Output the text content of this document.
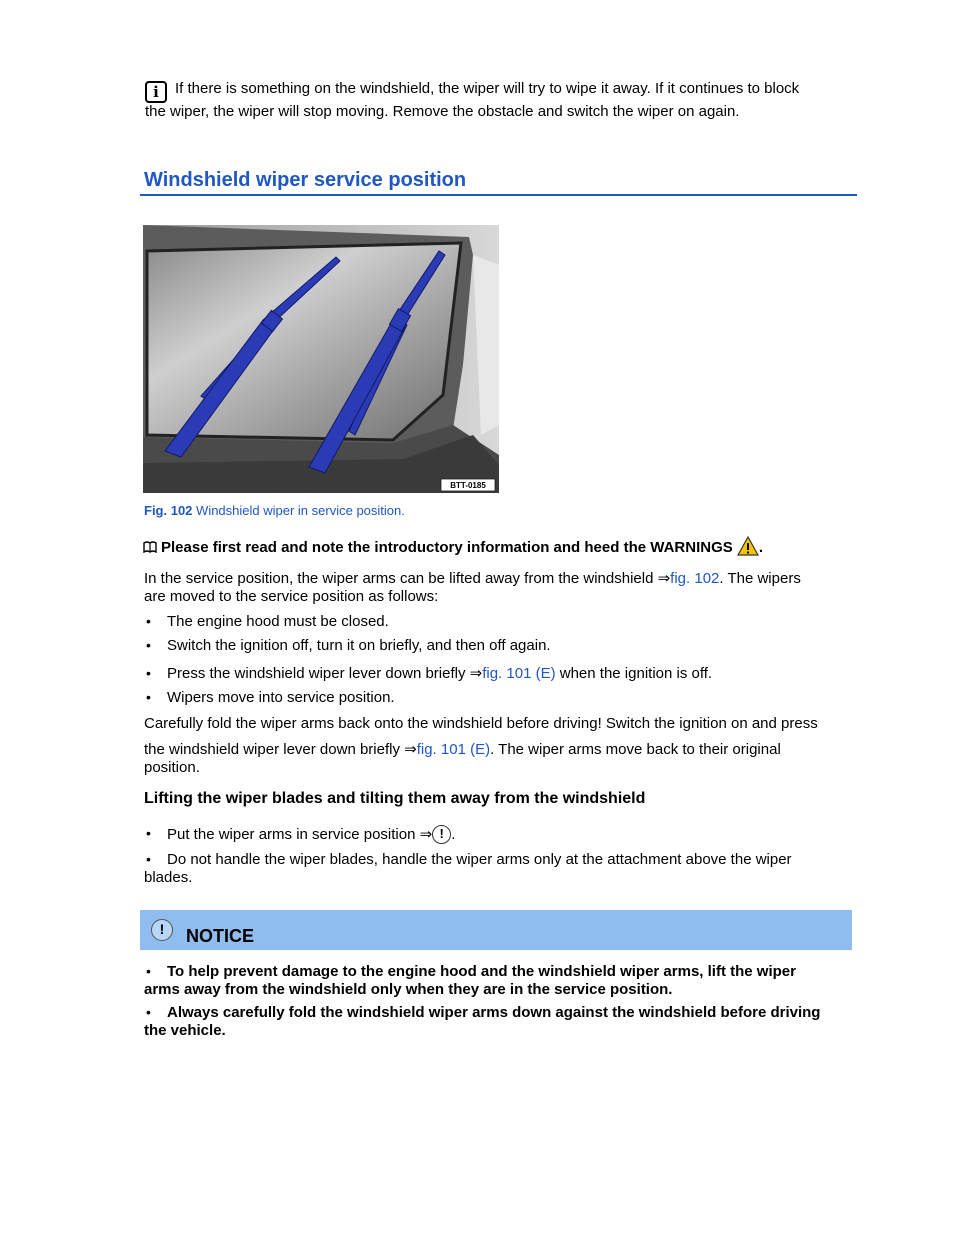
i If there is something on the windshield, the wiper will try to wipe it away. If it continues to block
the wiper, the wiper will stop moving. Remove the obstacle and switch the wiper on again.
Windshield wiper service position
BTT-0185
Fig. 102 Windshield wiper in service position.
Please first read and note the introductory information and heed the WARNINGS .
In the service position, the wiper arms can be lifted away from the windshield ⇒fig. 102. The wipers
are moved to the service position as follows:
• The engine hood must be closed.
• Switch the ignition off, turn it on briefly, and then off again.
• Press the windshield wiper lever down briefly ⇒fig. 101 (E) when the ignition is off.
• Wipers move into service position.
Carefully fold the wiper arms back onto the windshield before driving! Switch the ignition on and press
the windshield wiper lever down briefly ⇒fig. 101 (E). The wiper arms move back to their original
position.
Lifting the wiper blades and tilting them away from the windshield
• Put the wiper arms in service position ⇒ ! .
• Do not handle the wiper blades, handle the wiper arms only at the attachment above the wiper
blades.
!	NOTICE
• To help prevent damage to the engine hood and the windshield wiper arms, lift the wiper
arms away from the windshield only when they are in the service position.
• Always carefully fold the windshield wiper arms down against the windshield before driving
the vehicle.
